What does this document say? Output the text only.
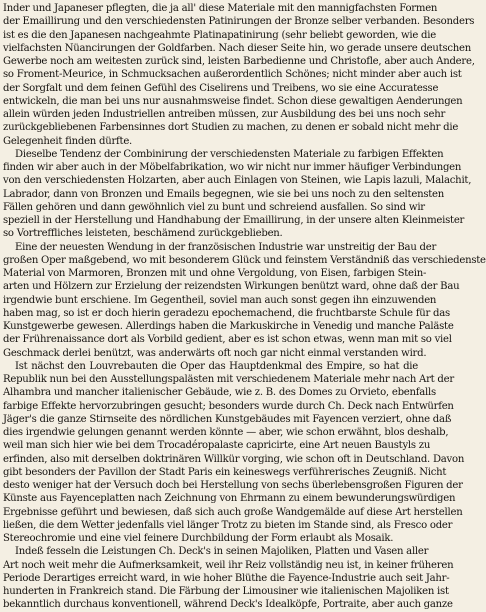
Inder und Japaneser pflegten, die ja all' diese Materiale mit den mannigfachsten Formen
der Emaillirung und den verschiedensten Patinirungen der Bronze selber verbanden. Besonders
ist es die den Japanesen nachgeahmte Platinapatinirung (sehr beliebt geworden, wie die
vielfachsten Nüancirungen der Goldfarben. Nach dieser Seite hin, wo gerade unsere deutschen
Gewerbe noch am weitesten zurück sind, leisten Barbedienne und Christofle, aber auch Andere,
so Froment-Meurice, in Schmucksachen außerordentlich Schönes; nicht minder aber auch ist
der Sorgfalt und dem feinen Gefühl des Ciselirens und Treibens, wo sie eine Accuratesse
entwickeln, die man bei uns nur ausnahmsweise findet. Schon diese gewaltigen Aenderungen
allein würden jeden Industriellen antreiben müssen, zur Ausbildung des bei uns noch sehr
zurückgebliebenen Farbensinnes dort Studien zu machen, zu denen er sobald nicht mehr die
Gelegenheit finden dürfte.
Dieselbe Tendenz der Combinirung der verschiedensten Materiale zu farbigen Effekten
finden wir aber auch in der Möbelfabrikation, wo wir nicht nur immer häufiger Verbindungen
von den verschiedensten Holzarten, aber auch Einlagen von Steinen, wie Lapis lazuli, Malachit,
Labrador, dann von Bronzen und Emails begegnen, wie sie bei uns noch zu den seltensten
Fällen gehören und dann gewöhnlich viel zu bunt und schreiend ausfallen. So sind wir
speziell in der Herstellung und Handhabung der Emaillirung, in der unsere alten Kleinmeister
so Vortreffliches leisteten, beschämend zurückgeblieben.
Eine der neuesten Wendung in der französischen Industrie war unstreitig der Bau der
großen Oper maßgebend, wo mit besonderem Glück und feinstem Verständniß das verschiedenste
Material von Marmoren, Bronzen mit und ohne Vergoldung, von Eisen, farbigen Stein-
arten und Hölzern zur Erzielung der reizendsten Wirkungen benützt ward, ohne daß der Bau
irgendwie bunt erschiene. Im Gegentheil, soviel man auch sonst gegen ihn einzuwenden
haben mag, so ist er doch hierin geradezu epochemachend, die fruchtbarste Schule für das
Kunstgewerbe gewesen. Allerdings haben die Markuskirche in Venedig und manche Paläste
der Frührenaissance dort als Vorbild gedient, aber es ist schon etwas, wenn man mit so viel
Geschmack derlei benützt, was anderwärts oft noch gar nicht einmal verstanden wird.
Ist nächst den Louvrebauten die Oper das Hauptdenkmal des Empire, so hat die
Republik nun bei den Ausstellungspalästen mit verschiedenem Materiale mehr nach Art der
Alhambra und mancher italienischer Gebäude, wie z. B. des Domes zu Orvieto, ebenfalls
farbige Effekte hervorzubringen gesucht; besonders wurde durch Ch. Deck nach Entwürfen
Jäger's die ganze Stirnseite des nördlichen Kunstgebäudes mit Fayencen verziert, ohne daß
dies irgendwie gelungen genannt werden könnte — aber, wie schon erwähnt, blos deshalb,
weil man sich hier wie bei dem Trocadéropalaste capricirte, eine Art neuen Baustyls zu
erfinden, also mit derselben doktrinären Willkür vorging, wie schon oft in Deutschland. Davon
gibt besonders der Pavillon der Stadt Paris ein keineswegs verführerisches Zeugniß. Nicht
desto weniger hat der Versuch doch bei Herstellung von sechs überlebensgroßen Figuren der
Künste aus Fayenceplatten nach Zeichnung von Ehrmann zu einem bewunderungswürdigen
Ergebnisse geführt und bewiesen, daß sich auch große Wandgemälde auf diese Art herstellen
ließen, die dem Wetter jedenfalls viel länger Trotz zu bieten im Stande sind, als Fresco oder
Stereochromie und eine viel feinere Durchbildung der Form erlaubt als Mosaik.
Indeß fesseln die Leistungen Ch. Deck's in seinen Majoliken, Platten und Vasen aller
Art noch weit mehr die Aufmerksamkeit, weil ihr Reiz vollständig neu ist, in keiner früheren
Periode Derartiges erreicht ward, in wie hoher Blüthe die Fayence-Industrie auch seit Jahr-
hunderten in Frankreich stand. Die Färbung der Limousiner wie italienischen Majoliken ist
bekanntlich durchaus konventionell, während Deck's Idealköpfe, Portraite, aber auch ganze
